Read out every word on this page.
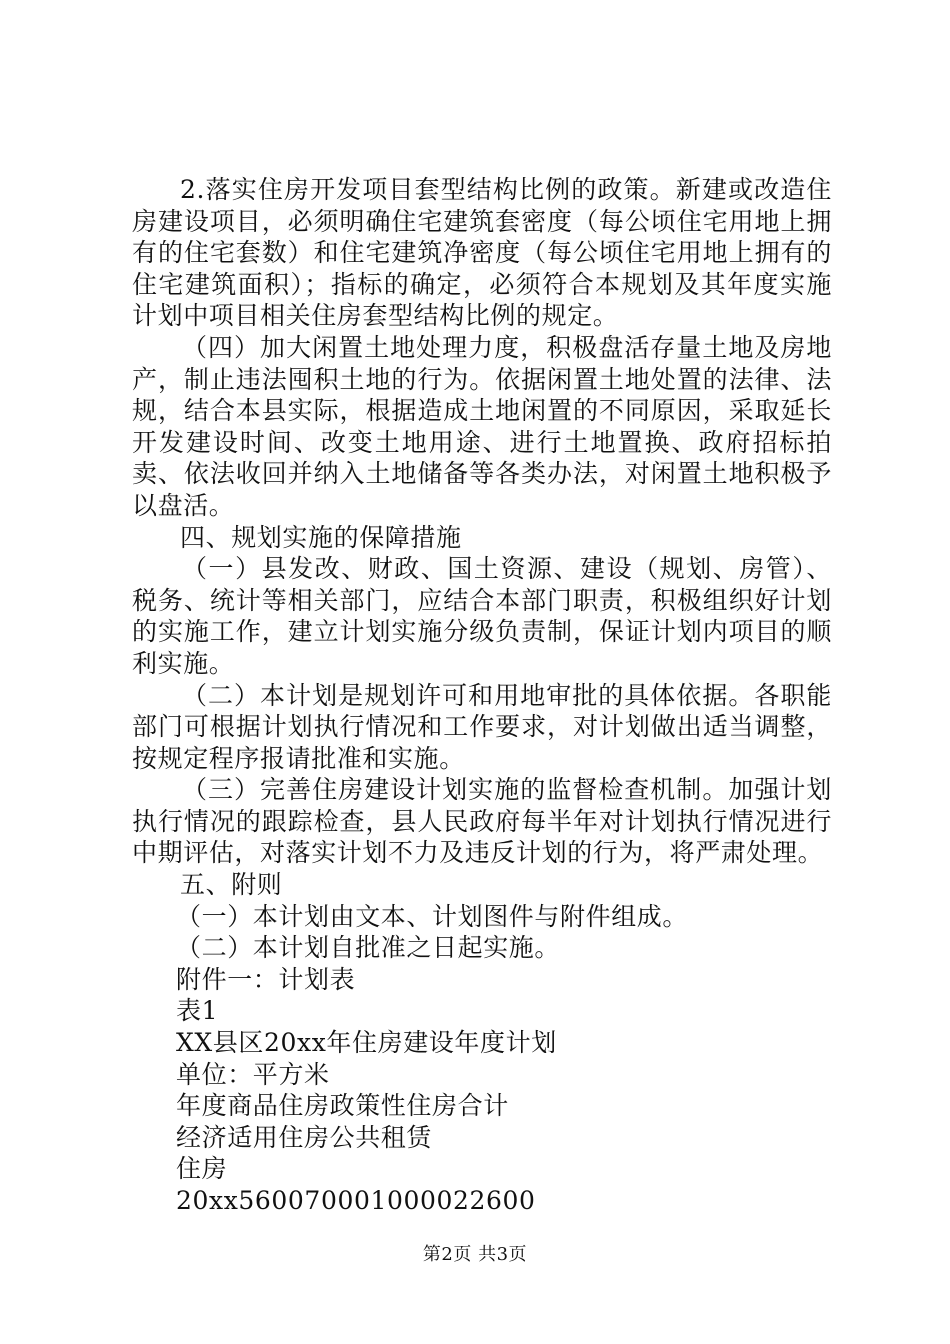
2.落实住房开发项目套型结构比例的政策。新建或改造住房建设项目，必须明确住宅建筑套密度（每公顷住宅用地上拥有的住宅套数）和住宅建筑净密度（每公顷住宅用地上拥有的住宅建筑面积）；指标的确定，必须符合本规划及其年度实施计划中项目相关住房套型结构比例的规定。

（四）加大闲置土地处理力度，积极盘活存量土地及房地产，制止违法囤积土地的行为。依据闲置土地处置的法律、法规，结合本县实际，根据造成土地闲置的不同原因，采取延长开发建设时间、改变土地用途、进行土地置换、政府招标拍卖、依法收回并纳入土地储备等各类办法，对闲置土地积极予以盘活。

四、规划实施的保障措施

（一）县发改、财政、国土资源、建设（规划、房管）、税务、统计等相关部门，应结合本部门职责，积极组织好计划的实施工作，建立计划实施分级负责制，保证计划内项目的顺利实施。

（二）本计划是规划许可和用地审批的具体依据。各职能部门可根据计划执行情况和工作要求，对计划做出适当调整，按规定程序报请批准和实施。

（三）完善住房建设计划实施的监督检查机制。加强计划执行情况的跟踪检查，县人民政府每半年对计划执行情况进行中期评估，对落实计划不力及违反计划的行为，将严肃处理。

五、附则

（一）本计划由文本、计划图件与附件组成。

（二）本计划自批准之日起实施。

附件一：计划表

表1

XX县区20xx年住房建设年度计划

单位：平方米

年度商品住房政策性住房合计

经济适用住房公共租赁

住房

20xx560070001000022600

第2页 共3页
